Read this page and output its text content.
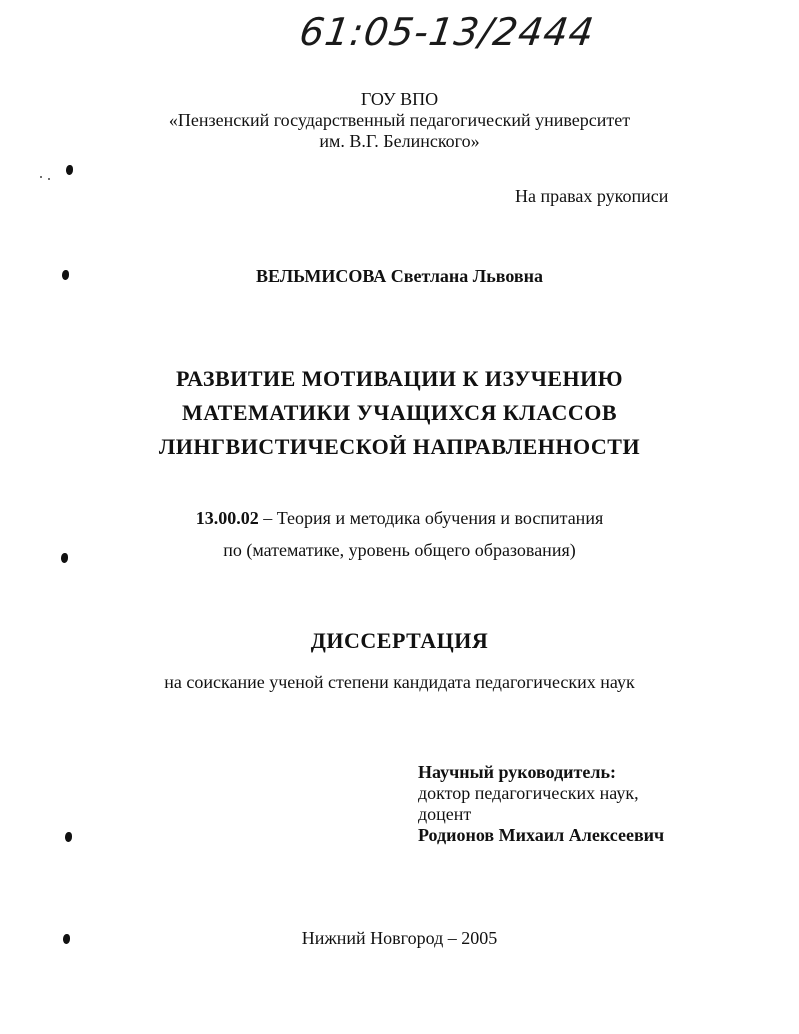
61:05-13/2444
ГОУ ВПО
«Пензенский государственный педагогический университет
им. В.Г. Белинского»
На правах рукописи
ВЕЛЬМИСОВА Светлана Львовна
РАЗВИТИЕ МОТИВАЦИИ К ИЗУЧЕНИЮ
МАТЕМАТИКИ УЧАЩИХСЯ КЛАССОВ
ЛИНГВИСТИЧЕСКОЙ НАПРАВЛЕННОСТИ
13.00.02 – Теория и методика обучения и воспитания
по (математике, уровень общего образования)
ДИССЕРТАЦИЯ
на соискание ученой степени кандидата педагогических наук
Научный руководитель:
доктор педагогических наук,
доцент
Родионов Михаил Алексеевич
Нижний Новгород – 2005
